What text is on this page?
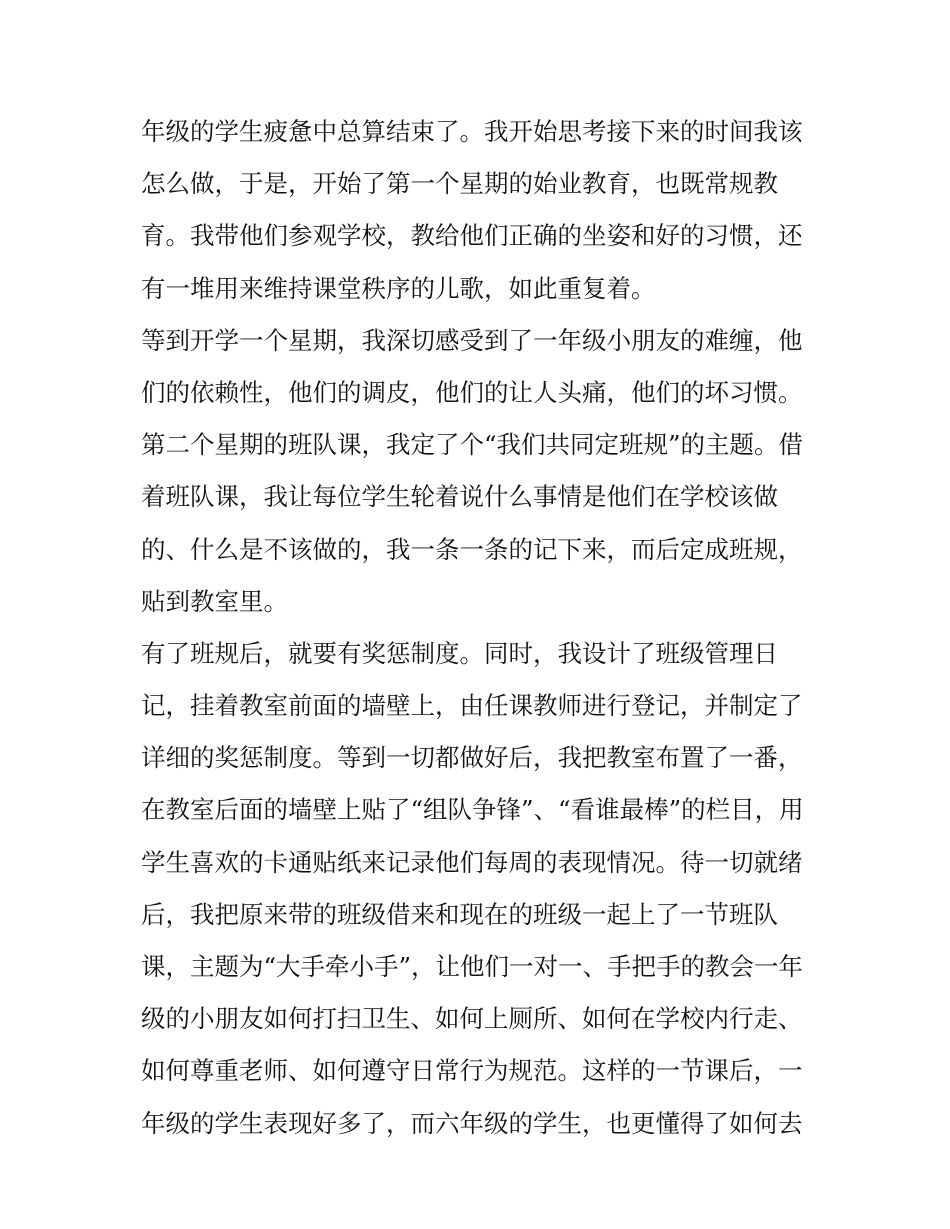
年级的学生疲惫中总算结束了。我开始思考接下来的时间我该
怎么做，于是，开始了第一个星期的始业教育，也既常规教
育。我带他们参观学校，教给他们正确的坐姿和好的习惯，还
有一堆用来维持课堂秩序的儿歌，如此重复着。
等到开学一个星期，我深切感受到了一年级小朋友的难缠，他
们的依赖性，他们的调皮，他们的让人头痛，他们的坏习惯。
第二个星期的班队课，我定了个“我们共同定班规”的主题。借
着班队课，我让每位学生轮着说什么事情是他们在学校该做
的、什么是不该做的，我一条一条的记下来，而后定成班规，
贴到教室里。
有了班规后，就要有奖惩制度。同时，我设计了班级管理日
记，挂着教室前面的墙壁上，由任课教师进行登记，并制定了
详细的奖惩制度。等到一切都做好后，我把教室布置了一番，
在教室后面的墙壁上贴了“组队争锋”、“看谁最棒”的栏目，用
学生喜欢的卡通贴纸来记录他们每周的表现情况。待一切就绪
后，我把原来带的班级借来和现在的班级一起上了一节班队
课，主题为“大手牵小手”，让他们一对一、手把手的教会一年
级的小朋友如何打扫卫生、如何上厕所、如何在学校内行走、
如何尊重老师、如何遵守日常行为规范。这样的一节课后，一
年级的学生表现好多了，而六年级的学生，也更懂得了如何去
